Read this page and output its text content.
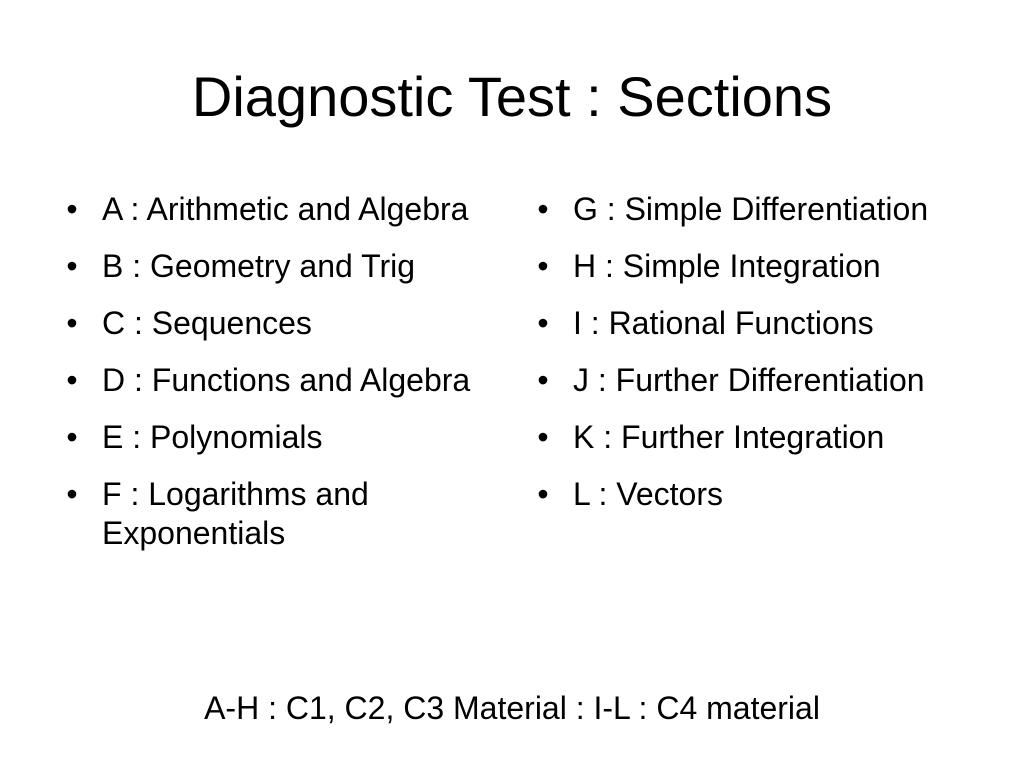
Diagnostic Test : Sections
• A : Arithmetic and Algebra
• B : Geometry and Trig
• C : Sequences
• D : Functions and Algebra
• E : Polynomials
• F : Logarithms and Exponentials
• G : Simple Differentiation
• H : Simple Integration
• I : Rational Functions
• J : Further Differentiation
• K : Further Integration
• L : Vectors

A-H : C1, C2, C3 Material : I-L : C4 material
